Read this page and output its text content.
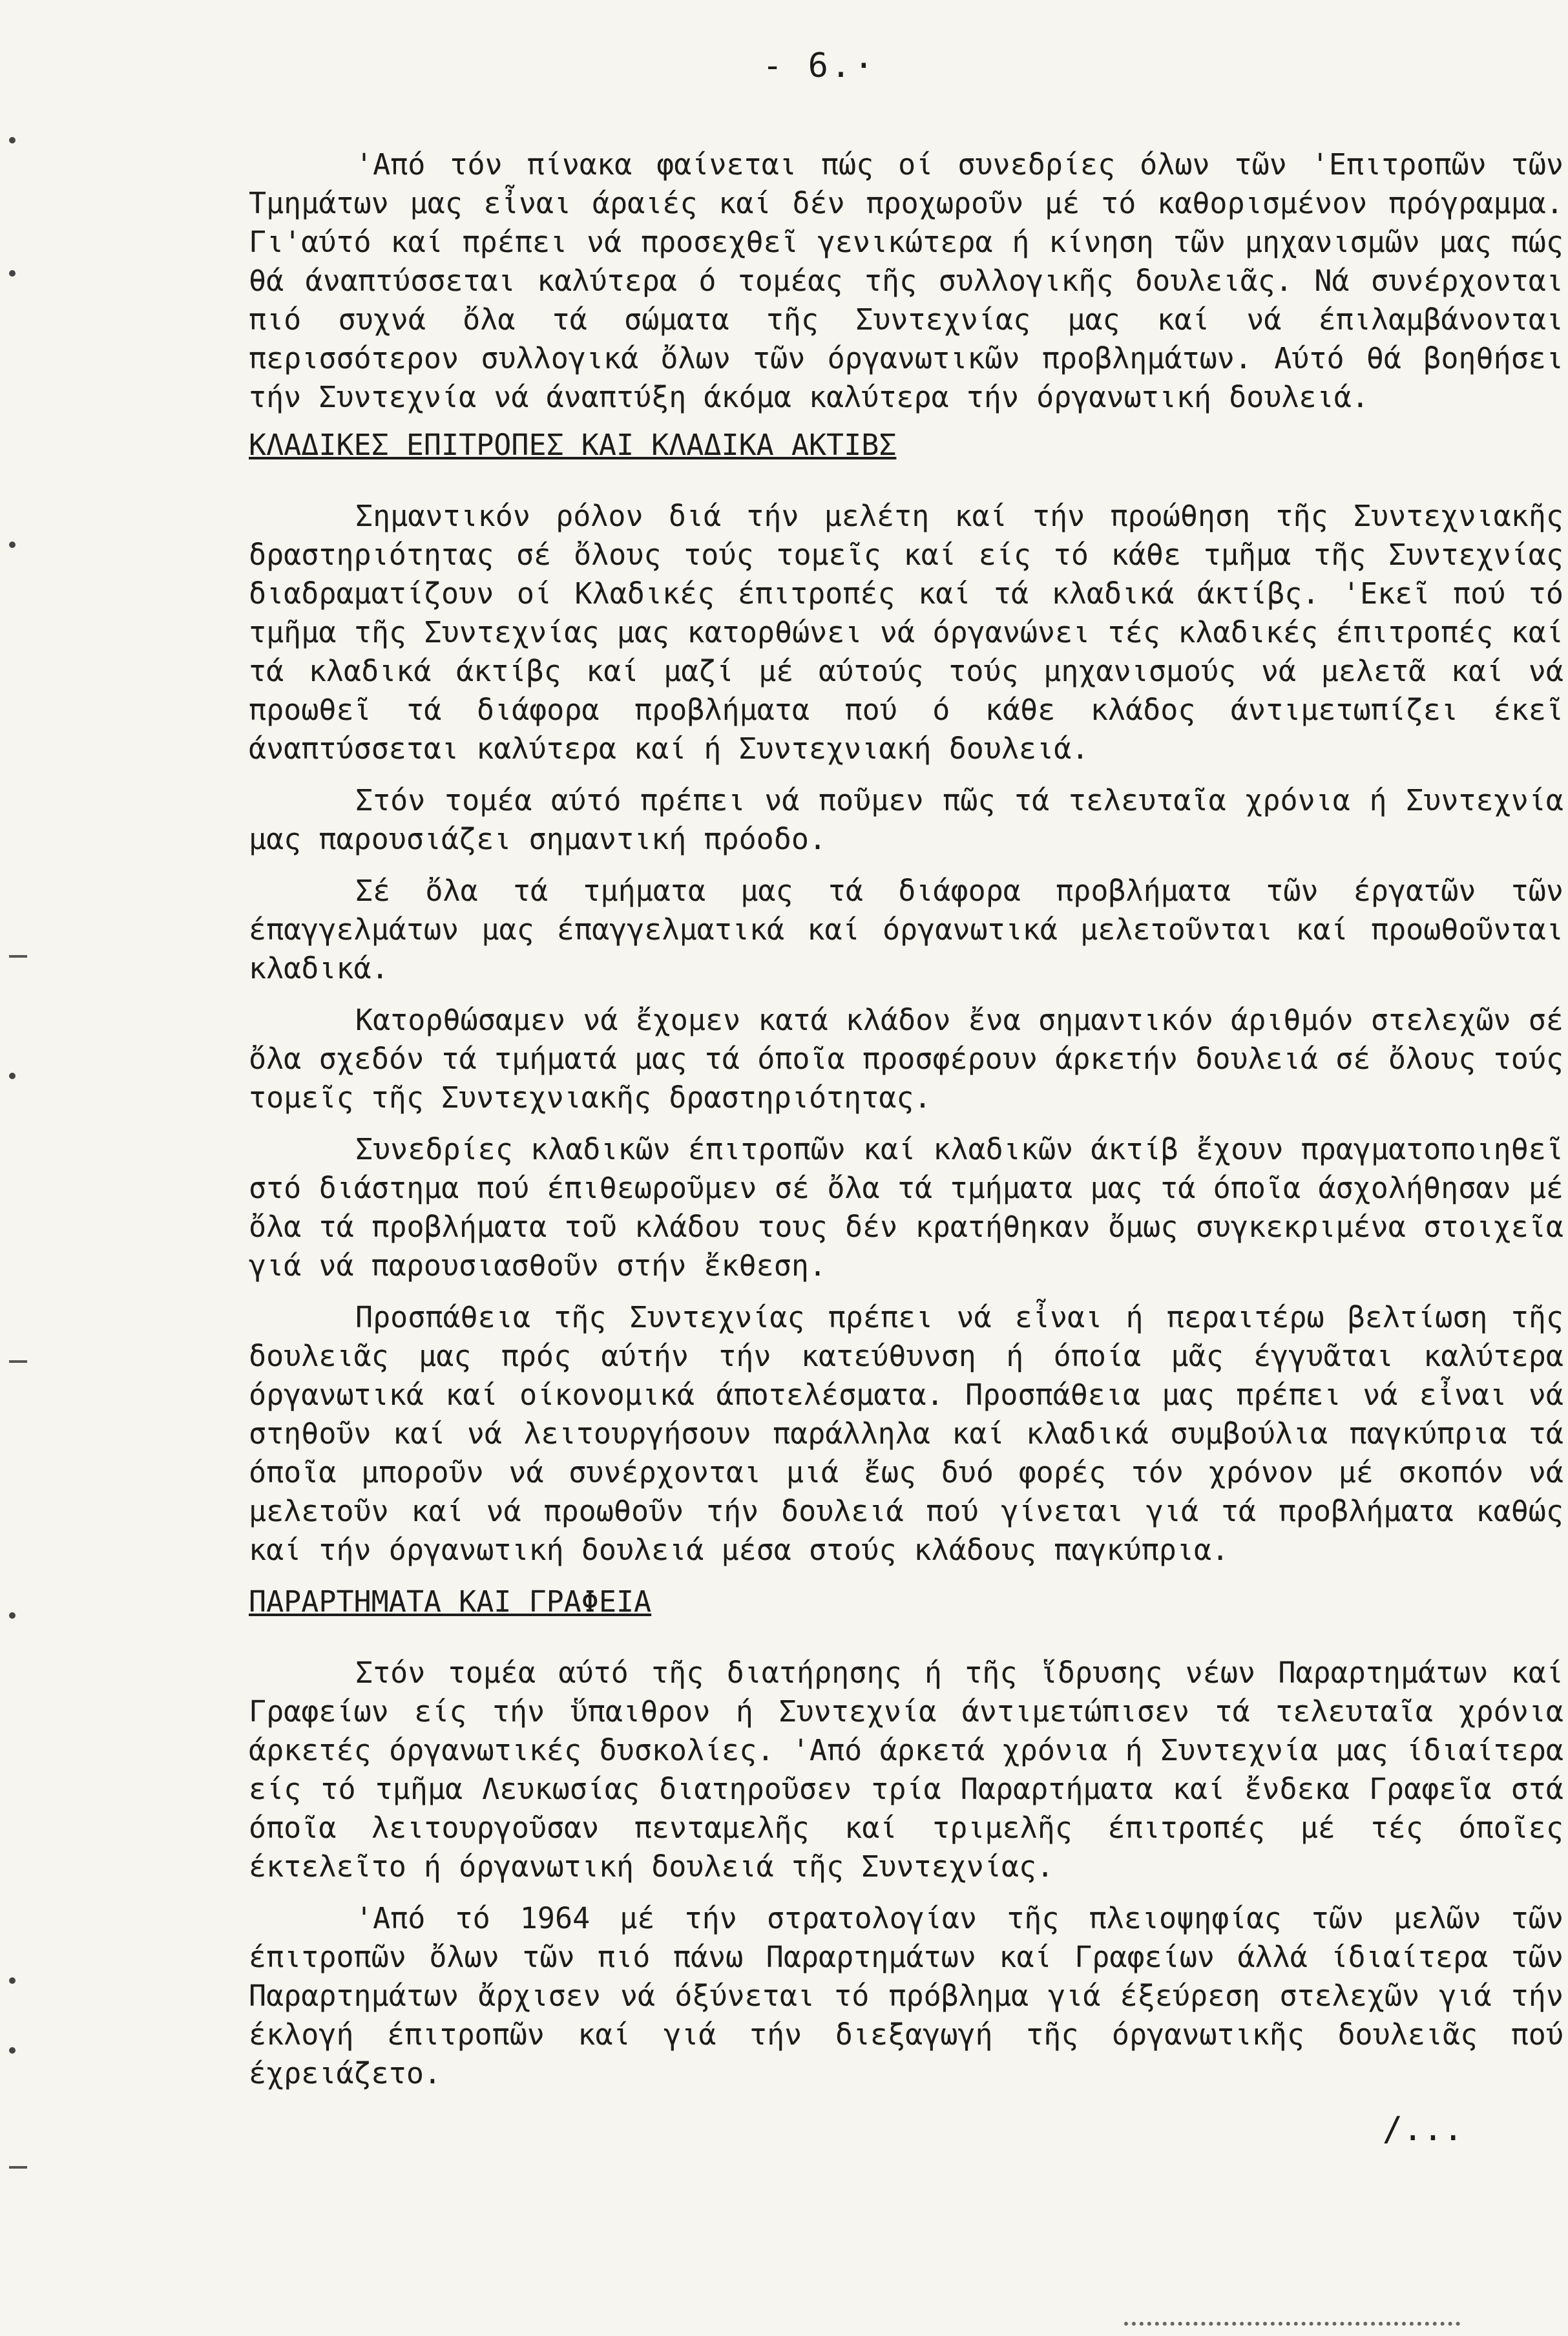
- 6.·

'Από τόν πίνακα φαίνεται πώς οί συνεδρίες όλων τῶν 'Επιτροπῶν τῶν Τμημάτων μας εἶναι άραιές καί δέν προχωροῦν μέ τό καθορισμένον πρόγραμμα. Γι'αύτό καί πρέπει νά προσεχθεῖ γενικώτερα ή κίνηση τῶν μηχανισμῶν μας πώς θά άναπτύσσεται καλύτερα ό τομέας τῆς συλλογικῆς δουλειᾶς. Νά συνέρχονται πιό συχνά ὄλα τά σώματα τῆς Συντεχνίας μας καί νά έπιλαμβάνονται περισσότερον συλλογικά ὄλων τῶν όργανωτικῶν προβλημάτων. Αύτό θά βοηθήσει τήν Συντεχνία νά άναπτύξη άκόμα καλύτερα τήν όργανωτική δουλειά.

ΚΛΑΔΙΚΕΣ ΕΠΙΤΡΟΠΕΣ ΚΑΙ ΚΛΑΔΙΚΑ ΑΚΤΙΒΣ

Σημαντικόν ρόλον διά τήν μελέτη καί τήν προώθηση τῆς Συντεχνιακῆς δραστηριότητας σέ ὄλους τούς τομεῖς καί είς τό κάθε τμῆμα τῆς Συντεχνίας διαδραματίζουν οί Κλαδικές έπιτροπές καί τά κλαδικά άκτίβς. 'Εκεῖ πού τό τμῆμα τῆς Συντεχνίας μας κατορθώνει νά όργανώνει τές κλαδικές έπιτροπές καί τά κλαδικά άκτίβς καί μαζί μέ αύτούς τούς μηχανισμούς νά μελετᾶ καί νά προωθεῖ τά διάφορα προβλήματα πού ό κάθε κλάδος άντιμετωπίζει έκεῖ άναπτύσσεται καλύτερα καί ή Συντεχνιακή δουλειά.

Στόν τομέα αύτό πρέπει νά ποῦμεν πῶς τά τελευταῖα χρόνια ή Συντεχνία μας παρουσιάζει σημαντική πρόοδο.

Σέ ὄλα τά τμήματα μας τά διάφορα προβλήματα τῶν έργατῶν τῶν έπαγγελμάτων μας έπαγγελματικά καί όργανωτικά μελετοῦνται καί προωθοῦνται κλαδικά.

Κατορθώσαμεν νά ἔχομεν κατά κλάδον ἔνα σημαντικόν άριθμόν στελεχῶν σέ ὄλα σχεδόν τά τμήματά μας τά όποῖα προσφέρουν άρκετήν δουλειά σέ ὄλους τούς τομεῖς τῆς Συντεχνιακῆς δραστηριότητας.

Συνεδρίες κλαδικῶν έπιτροπῶν καί κλαδικῶν άκτίβ ἔχουν πραγματοποιηθεῖ στό διάστημα πού έπιθεωροῦμεν σέ ὄλα τά τμήματα μας τά όποῖα άσχολήθησαν μέ ὄλα τά προβλήματα τοῦ κλάδου τους δέν κρατήθηκαν ὄμως συγκεκριμένα στοιχεῖα γιά νά παρουσιασθοῦν στήν ἔκθεση.

Προσπάθεια τῆς Συντεχνίας πρέπει νά εἶναι ή περαιτέρω βελτίωση τῆς δουλειᾶς μας πρός αύτήν τήν κατεύθυνση ή όποία μᾶς έγγυᾶται καλύτερα όργανωτικά καί οίκονομικά άποτελέσματα. Προσπάθεια μας πρέπει νά εἶναι νά στηθοῦν καί νά λειτουργήσουν παράλληλα καί κλαδικά συμβούλια παγκύπρια τά όποῖα μποροῦν νά συνέρχονται μιά ἔως δυό φορές τόν χρόνον μέ σκοπόν νά μελετοῦν καί νά προωθοῦν τήν δουλειά πού γίνεται γιά τά προβλήματα καθώς καί τήν όργανωτική δουλειά μέσα στούς κλάδους παγκύπρια.

ΠΑΡΑΡΤΗΜΑΤΑ ΚΑΙ ΓΡΑΦΕΙΑ

Στόν τομέα αύτό τῆς διατήρησης ή τῆς ἵδρυσης νέων Παραρτημάτων καί Γραφείων είς τήν ὕπαιθρον ή Συντεχνία άντιμετώπισεν τά τελευταῖα χρόνια άρκετές όργανωτικές δυσκολίες. 'Από άρκετά χρόνια ή Συντεχνία μας ίδιαίτερα είς τό τμῆμα Λευκωσίας διατηροῦσεν τρία Παραρτήματα καί ἔνδεκα Γραφεῖα στά όποῖα λειτουργοῦσαν πενταμελῆς καί τριμελῆς έπιτροπές μέ τές όποῖες έκτελεῖτο ή όργανωτική δουλειά τῆς Συντεχνίας.

'Από τό 1964 μέ τήν στρατολογίαν τῆς πλειοψηφίας τῶν μελῶν τῶν έπιτροπῶν ὄλων τῶν πιό πάνω Παραρτημάτων καί Γραφείων άλλά ίδιαίτερα τῶν Παραρτημάτων ἄρχισεν νά όξύνεται τό πρόβλημα γιά έξεύρεση στελεχῶν γιά τήν έκλογή έπιτροπῶν καί γιά τήν διεξαγωγή τῆς όργανωτικῆς δουλειᾶς πού έχρειάζετο.

/...
